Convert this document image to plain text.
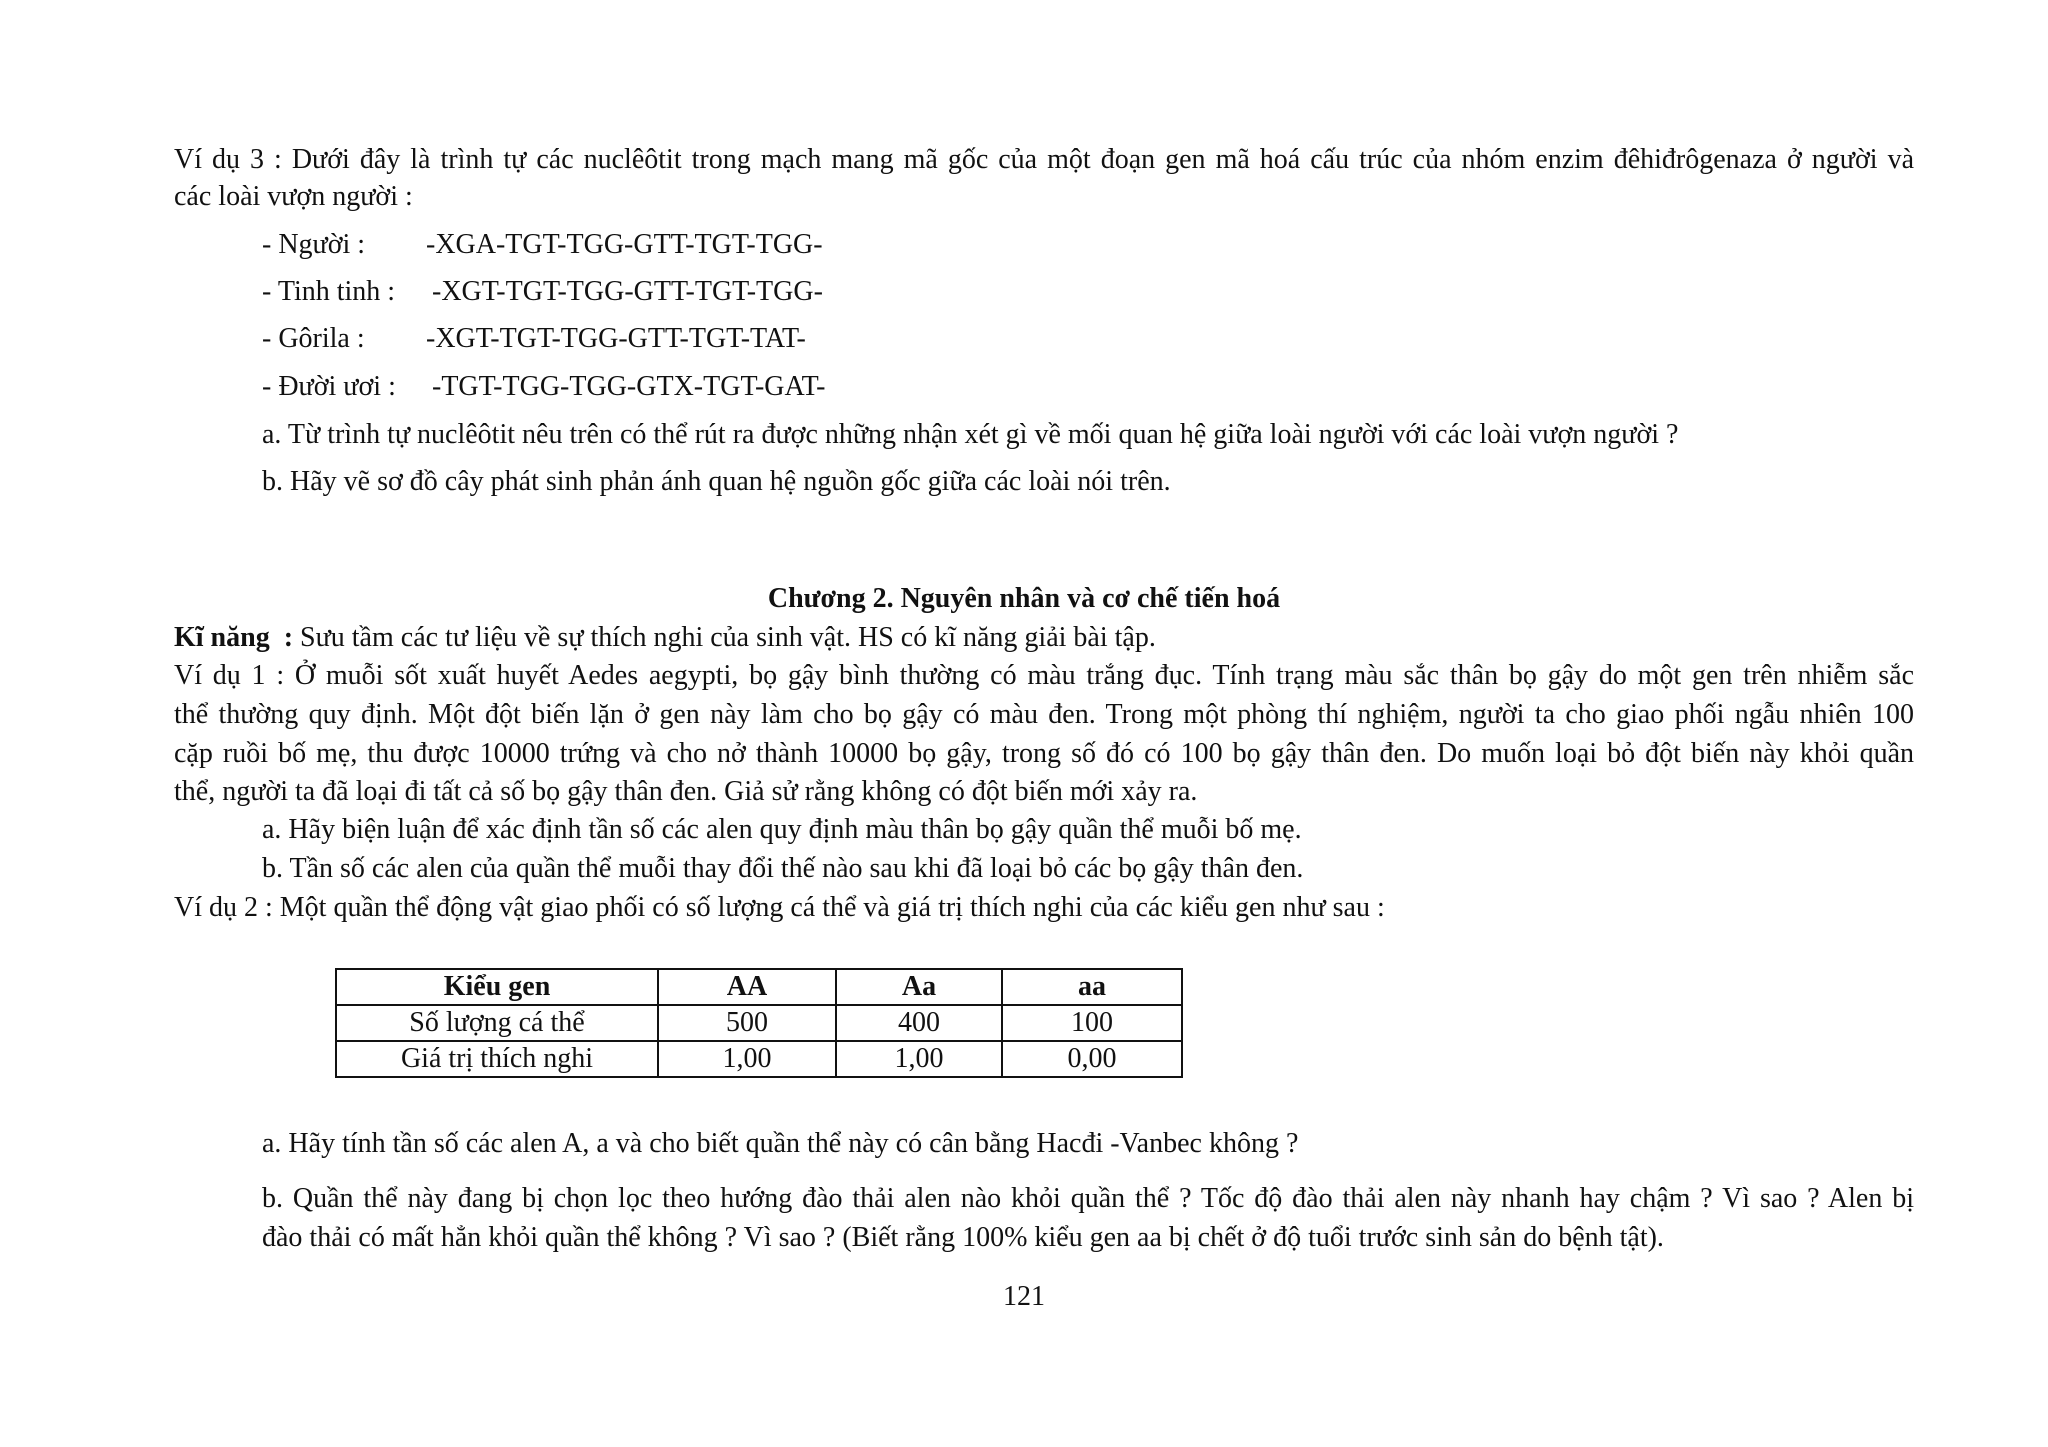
Ví dụ 3 : Dưới đây là trình tự các nuclêôtit trong mạch mang mã gốc của một đoạn gen mã hoá cấu trúc của nhóm enzim đêhiđrôgenaza ở người và
các loài vượn người :
- Người : -XGA-TGT-TGG-GTT-TGT-TGG-
- Tinh tinh : -XGT-TGT-TGG-GTT-TGT-TGG-
- Gôrila : -XGT-TGT-TGG-GTT-TGT-TAT-
- Đười ươi : -TGT-TGG-TGG-GTX-TGT-GAT-
a. Từ trình tự nuclêôtit nêu trên có thể rút ra được những nhận xét gì về mối quan hệ giữa loài người với các loài vượn người ?
b. Hãy vẽ sơ đồ cây phát sinh phản ánh quan hệ nguồn gốc giữa các loài nói trên.
Chương 2. Nguyên nhân và cơ chế tiến hoá
Kĩ năng  : Sưu tầm các tư liệu về sự thích nghi của sinh vật. HS có kĩ năng giải bài tập.
Ví dụ 1 : Ở muỗi sốt xuất huyết Aedes aegypti, bọ gậy bình thường có màu trắng đục. Tính trạng màu sắc thân bọ gậy do một gen trên nhiễm sắc
thể thường quy định. Một đột biến lặn ở gen này làm cho bọ gậy có màu đen. Trong một phòng thí nghiệm, người ta cho giao phối ngẫu nhiên 100
cặp ruồi bố mẹ, thu được 10000 trứng và cho nở thành 10000 bọ gậy, trong số đó có 100 bọ gậy thân đen. Do muốn loại bỏ đột biến này khỏi quần
thể, người ta đã loại đi tất cả số bọ gậy thân đen. Giả sử rằng không có đột biến mới xảy ra.
a. Hãy biện luận để xác định tần số các alen quy định màu thân bọ gậy quần thể muỗi bố mẹ.
b. Tần số các alen của quần thể muỗi thay đổi thế nào sau khi đã loại bỏ các bọ gậy thân đen.
Ví dụ 2 : Một quần thể động vật giao phối có số lượng cá thể và giá trị thích nghi của các kiểu gen như sau :
Kiểu gen	AA	Aa	aa
Số lượng cá thể	500	400	100
Giá trị thích nghi	1,00	1,00	0,00
a. Hãy tính tần số các alen A, a và cho biết quần thể này có cân bằng Hacđi -Vanbec không ?
b. Quần thể này đang bị chọn lọc theo hướng đào thải alen nào khỏi quần thể ? Tốc độ đào thải alen này nhanh hay chậm ? Vì sao ? Alen bị
đào thải có mất hẳn khỏi quần thể không ? Vì sao ? (Biết rằng 100% kiểu gen aa bị chết ở độ tuổi trước sinh sản do bệnh tật).
121
